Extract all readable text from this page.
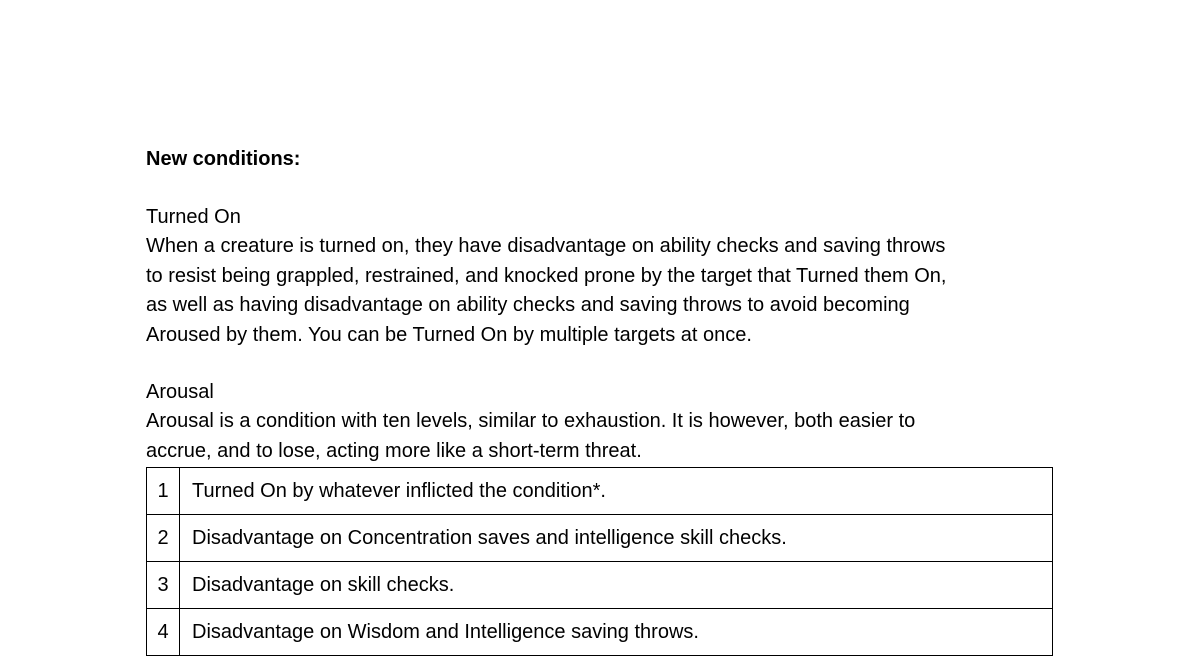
New conditions:
Turned On
When a creature is turned on, they have disadvantage on ability checks and saving throws
to resist being grappled, restrained, and knocked prone by the target that Turned them On,
as well as having disadvantage on ability checks and saving throws to avoid becoming
Aroused by them. You can be Turned On by multiple targets at once.
Arousal
Arousal is a condition with ten levels, similar to exhaustion. It is however, both easier to
accrue, and to lose, acting more like a short-term threat.
1	Turned On by whatever inflicted the condition*.
2	Disadvantage on Concentration saves and intelligence skill checks.
3	Disadvantage on skill checks.
4	Disadvantage on Wisdom and Intelligence saving throws.
